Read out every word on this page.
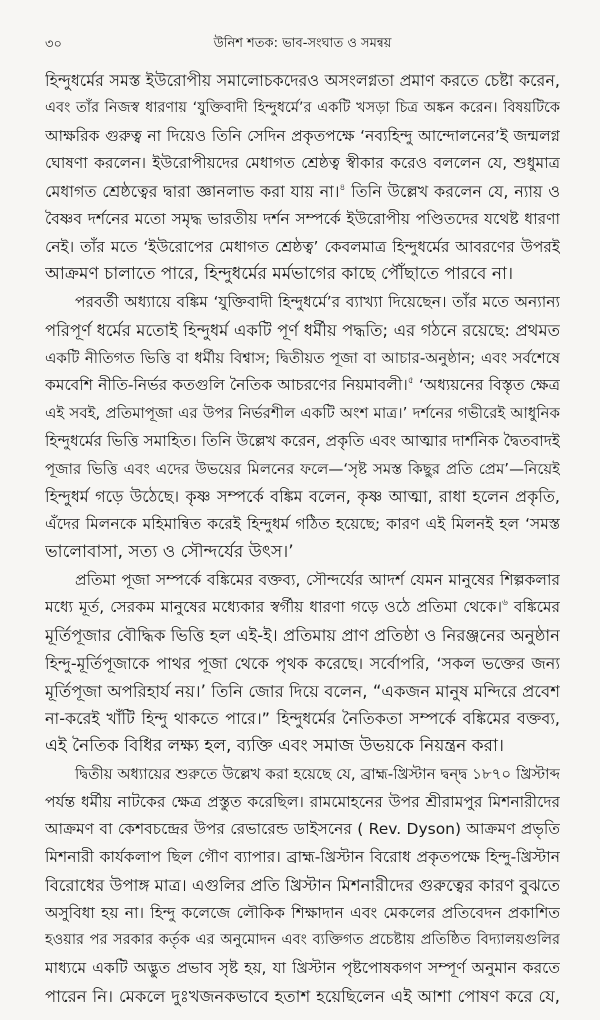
৩০	উনিশ শতক: ভাব-সংঘাত ও সমন্বয়
হিন্দুধর্মের সমস্ত ইউরোপীয় সমালোচকদেরও অসংলগ্নতা প্রমাণ করতে চেষ্টা করেন,
এবং তাঁর নিজস্ব ধারণায় ‘যুক্তিবাদী হিন্দুধর্মে’র একটি খসড়া চিত্র অঙ্কন করেন। বিষয়টিকে
আক্ষরিক গুরুত্ব না দিয়েও তিনি সেদিন প্রকৃতপক্ষে ‘নব্যহিন্দু আন্দোলনের’ই জন্মলগ্ন
ঘোষণা করলেন। ইউরোপীয়দের মেধাগত শ্রেষ্ঠত্ব স্বীকার করেও বললেন যে, শুধুমাত্র
মেধাগত শ্রেষ্ঠত্বের দ্বারা জ্ঞানলাভ করা যায় না।$^৪$ তিনি উল্লেখ করলেন যে, ন্যায় ও
বৈষ্ণব দর্শনের মতো সমৃদ্ধ ভারতীয় দর্শন সম্পর্কে ইউরোপীয় পণ্ডিতদের যথেষ্ট ধারণা
নেই। তাঁর মতে ‘ইউরোপের মেধাগত শ্রেষ্ঠত্ব’ কেবলমাত্র হিন্দুধর্মের আবরণের উপরই
আক্রমণ চালাতে পারে, হিন্দুধর্মের মর্মভাগের কাছে পৌঁছাতে পারবে না।
পরবর্তী অধ্যায়ে বঙ্কিম ‘যুক্তিবাদী হিন্দুধর্মে’র ব্যাখ্যা দিয়েছেন। তাঁর মতে অন্যান্য
পরিপূর্ণ ধর্মের মতোই হিন্দুধর্ম একটি পূর্ণ ধর্মীয় পদ্ধতি; এর গঠনে রয়েছে: প্রথমত
একটি নীতিগত ভিত্তি বা ধর্মীয় বিশ্বাস; দ্বিতীয়ত পূজা বা আচার-অনুষ্ঠান; এবং সর্বশেষে
কমবেশি নীতি-নির্ভর কতগুলি নৈতিক আচরণের নিয়মাবলী।$^৫$ ‘অধ্যয়নের বিস্তৃত ক্ষেত্র
এই সবই, প্রতিমাপূজা এর উপর নির্ভরশীল একটি অংশ মাত্র।’ দর্শনের গভীরেই আধুনিক
হিন্দুধর্মের ভিত্তি সমাহিত। তিনি উল্লেখ করেন, প্রকৃতি এবং আত্মার দার্শনিক দ্বৈতবাদই
পূজার ভিত্তি এবং এদের উভয়ের মিলনের ফলে—‘সৃষ্ট সমস্ত কিছুর প্রতি প্রেম’—নিয়েই
হিন্দুধর্ম গড়ে উঠেছে। কৃষ্ণ সম্পর্কে বঙ্কিম বলেন, কৃষ্ণ আত্মা, রাধা হলেন প্রকৃতি,
এঁদের মিলনকে মহিমান্বিত করেই হিন্দুধর্ম গঠিত হয়েছে; কারণ এই মিলনই হল ‘সমস্ত
ভালোবাসা, সত্য ও সৌন্দর্যের উৎস।’
প্রতিমা পূজা সম্পর্কে বঙ্কিমের বক্তব্য, সৌন্দর্যের আদর্শ যেমন মানুষের শিল্পকলার
মধ্যে মূর্ত, সেরকম মানুষের মধ্যেকার স্বর্গীয় ধারণা গড়ে ওঠে প্রতিমা থেকে।$^৬$ বঙ্কিমের
মূর্তিপূজার বৌদ্ধিক ভিত্তি হল এই-ই। প্রতিমায় প্রাণ প্রতিষ্ঠা ও নিরঞ্জনের অনুষ্ঠান
হিন্দু-মূর্তিপূজাকে পাথর পূজা থেকে পৃথক করেছে। সর্বোপরি, ‘সকল ভক্তের জন্য
মূর্তিপূজা অপরিহার্য নয়।’ তিনি জোর দিয়ে বলেন, “একজন মানুষ মন্দিরে প্রবেশ
না-করেই খাঁটি হিন্দু থাকতে পারে।” হিন্দুধর্মের নৈতিকতা সম্পর্কে বঙ্কিমের বক্তব্য,
এই নৈতিক বিধির লক্ষ্য হল, ব্যক্তি এবং সমাজ উভয়কে নিয়ন্ত্রন করা।
দ্বিতীয় অধ্যায়ের শুরুতে উল্লেখ করা হয়েছে যে, ব্রাহ্ম-খ্রিস্টান দ্বন্দ্ব ১৮৭০ খ্রিস্টাব্দ
পর্যন্ত ধর্মীয় নাটকের ক্ষেত্র প্রস্তুত করেছিল। রামমোহনের উপর শ্রীরামপুর মিশনারীদের
আক্রমণ বা কেশবচন্দ্রের উপর রেভারেন্ড ডাইসনের ( Rev. Dyson) আক্রমণ প্রভৃতি
মিশনারী কার্যকলাপ ছিল গৌণ ব্যাপার। ব্রাহ্ম-খ্রিস্টান বিরোধ প্রকৃতপক্ষে হিন্দু-খ্রিস্টান
বিরোধের উপাঙ্গ মাত্র। এগুলির প্রতি খ্রিস্টান মিশনারীদের গুরুত্বের কারণ বুঝতে
অসুবিধা হয় না। হিন্দু কলেজে লৌকিক শিক্ষাদান এবং মেকলের প্রতিবেদন প্রকাশিত
হওয়ার পর সরকার কর্তৃক এর অনুমোদন এবং ব্যক্তিগত প্রচেষ্টায় প্রতিষ্ঠিত বিদ্যালয়গুলির
মাধ্যমে একটি অদ্ভুত প্রভাব সৃষ্ট হয়, যা খ্রিস্টান পৃষ্টপোষকগণ সম্পূর্ণ অনুমান করতে
পারেন নি। মেকলে দুঃখজনকভাবে হতাশ হয়েছিলেন এই আশা পোষণ করে যে,
